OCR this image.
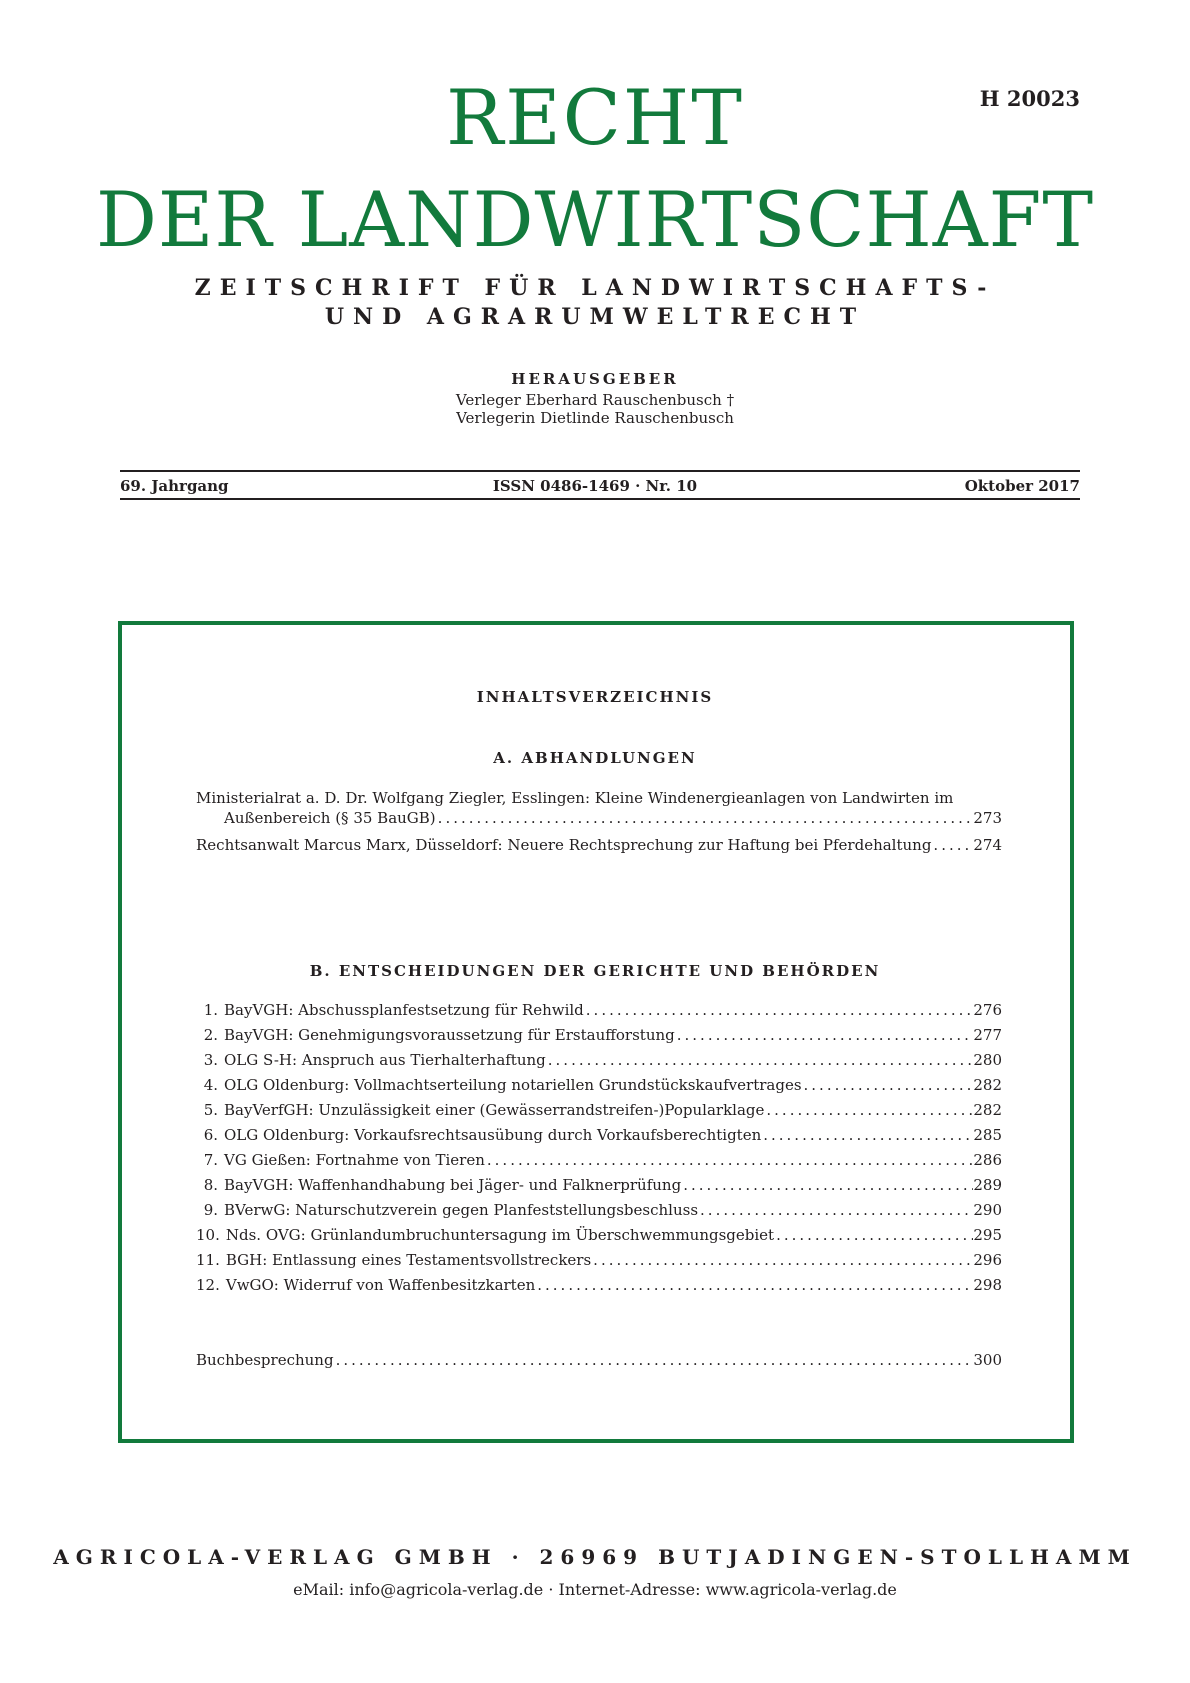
H 20023
RECHT
DER LANDWIRTSCHAFT
ZEITSCHRIFT FÜR LANDWIRTSCHAFTS-
UND AGRARUMWELTRECHT
HERAUSGEBER
Verleger Eberhard Rauschenbusch †
Verlegerin Dietlinde Rauschenbusch
69. Jahrgang	ISSN 0486-1469 · Nr. 10	Oktober 2017
INHALTSVERZEICHNIS
A. ABHANDLUNGEN
Ministerialrat a. D. Dr. Wolfgang Ziegler, Esslingen: Kleine Windenergieanlagen von Landwirten im
Außenbereich (§ 35 BauGB) .....	273
Rechtsanwalt Marcus Marx, Düsseldorf: Neuere Rechtsprechung zur Haftung bei Pferdehaltung .....	274
B. ENTSCHEIDUNGEN DER GERICHTE UND BEHÖRDEN
1. BayVGH: Abschussplanfestsetzung für Rehwild .....	276
2. BayVGH: Genehmigungsvoraussetzung für Erstaufforstung .....	277
3. OLG S-H: Anspruch aus Tierhalterhaftung .....	280
4. OLG Oldenburg: Vollmachtserteilung notariellen Grundstückskaufvertrages .....	282
5. BayVerfGH: Unzulässigkeit einer (Gewässerrandstreifen-)Popularklage .....	282
6. OLG Oldenburg: Vorkaufsrechtsausübung durch Vorkaufsberechtigten .....	285
7. VG Gießen: Fortnahme von Tieren .....	286
8. BayVGH: Waffenhandhabung bei Jäger- und Falknerprüfung .....	289
9. BVerwG: Naturschutzverein gegen Planfeststellungsbeschluss .....	290
10. Nds. OVG: Grünlandumbruchuntersagung im Überschwemmungsgebiet .....	295
11. BGH: Entlassung eines Testamentsvollstreckers .....	296
12. VwGO: Widerruf von Waffenbesitzkarten .....	298
Buchbesprechung .....	300
AGRICOLA-VERLAG GMBH · 26969 BUTJADINGEN-STOLLHAMM
eMail: info@agricola-verlag.de · Internet-Adresse: www.agricola-verlag.de
